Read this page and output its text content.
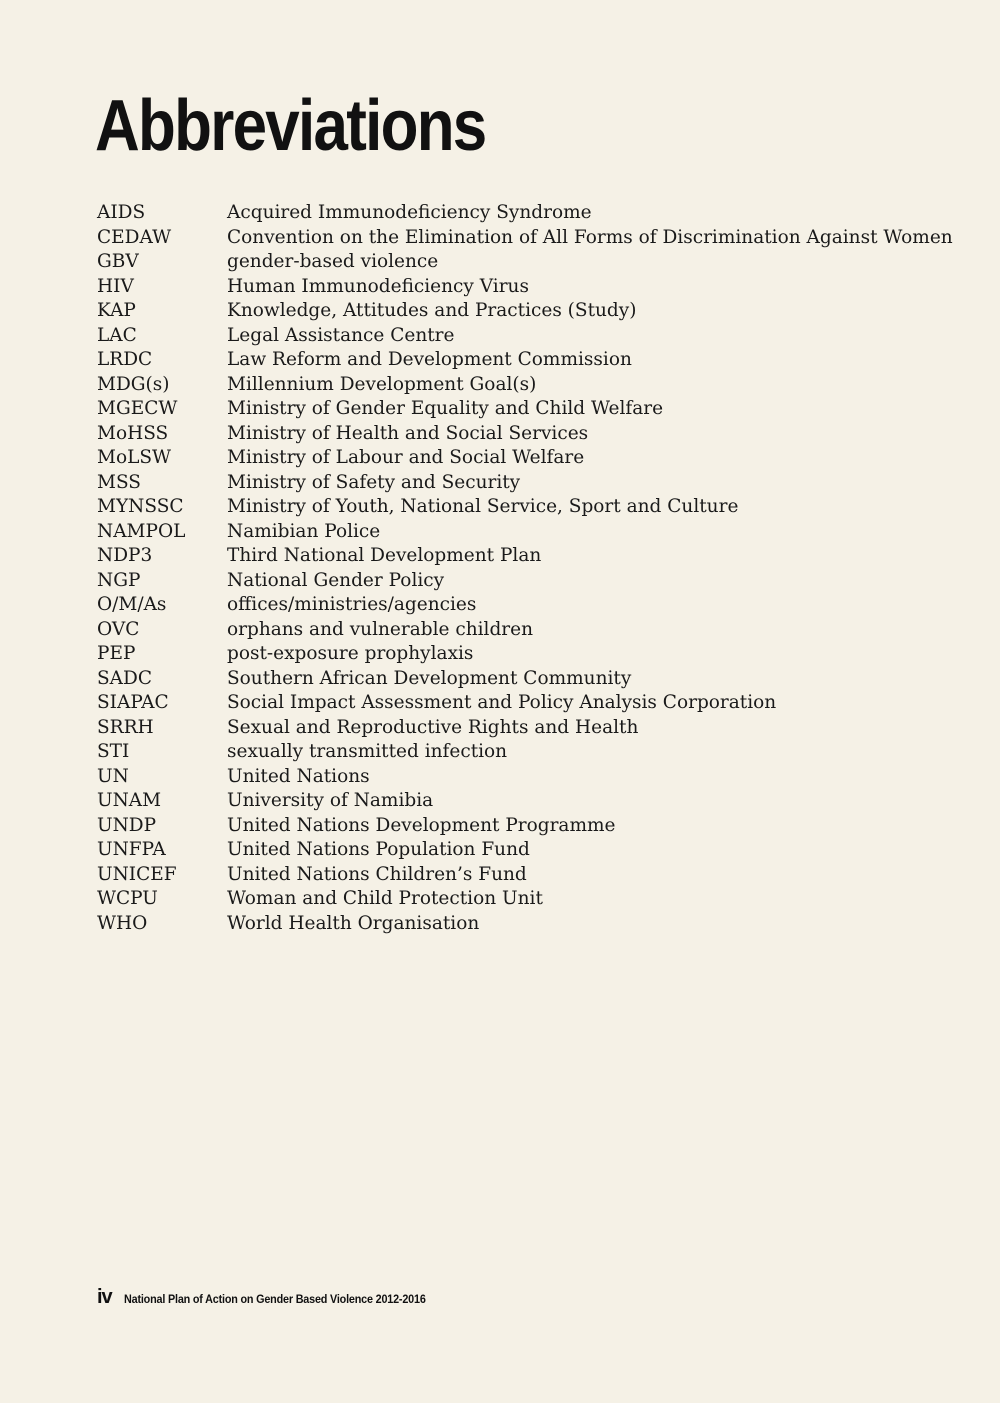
Abbreviations
AIDS	Acquired Immunodeficiency Syndrome
CEDAW	Convention on the Elimination of All Forms of Discrimination Against Women
GBV	gender-based violence
HIV	Human Immunodeficiency Virus
KAP	Knowledge, Attitudes and Practices (Study)
LAC	Legal Assistance Centre
LRDC	Law Reform and Development Commission
MDG(s)	Millennium Development Goal(s)
MGECW	Ministry of Gender Equality and Child Welfare
MoHSS	Ministry of Health and Social Services
MoLSW	Ministry of Labour and Social Welfare
MSS	Ministry of Safety and Security
MYNSSC	Ministry of Youth, National Service, Sport and Culture
NAMPOL	Namibian Police
NDP3	Third National Development Plan
NGP	National Gender Policy
O/M/As	offices/ministries/agencies
OVC	orphans and vulnerable children
PEP	post-exposure prophylaxis
SADC	Southern African Development Community
SIAPAC	Social Impact Assessment and Policy Analysis Corporation
SRRH	Sexual and Reproductive Rights and Health
STI	sexually transmitted infection
UN	United Nations
UNAM	University of Namibia
UNDP	United Nations Development Programme
UNFPA	United Nations Population Fund
UNICEF	United Nations Children’s Fund
WCPU	Woman and Child Protection Unit
WHO	World Health Organisation
iv National Plan of Action on Gender Based Violence 2012-2016
